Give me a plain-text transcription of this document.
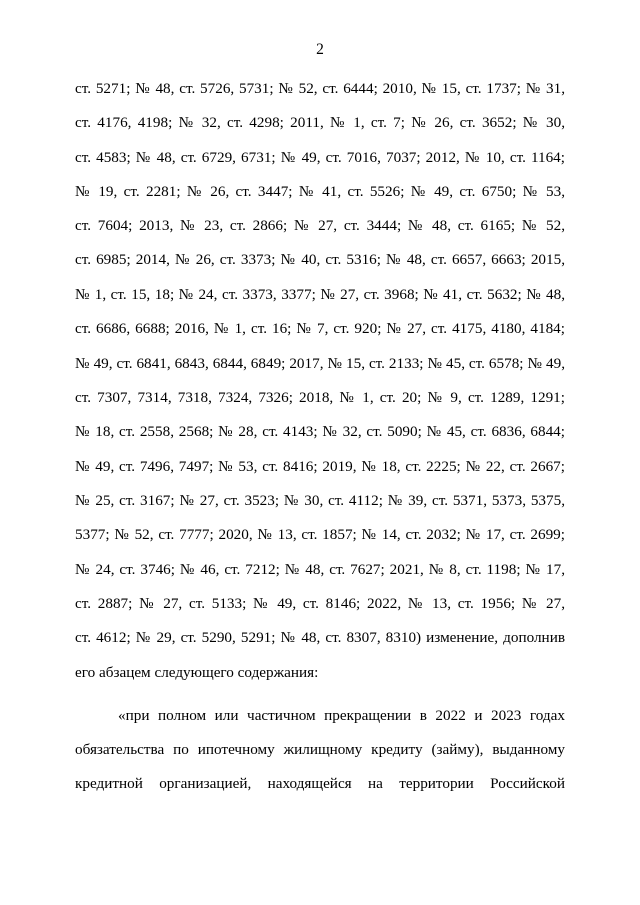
2
ст. 5271; № 48, ст. 5726, 5731; № 52, ст. 6444; 2010, № 15, ст. 1737; № 31,
ст. 4176, 4198; № 32, ст. 4298; 2011, № 1, ст. 7; № 26, ст. 3652; № 30,
ст. 4583; № 48, ст. 6729, 6731; № 49, ст. 7016, 7037; 2012, № 10, ст. 1164;
№ 19, ст. 2281; № 26, ст. 3447; № 41, ст. 5526; № 49, ст. 6750; № 53,
ст. 7604; 2013, № 23, ст. 2866; № 27, ст. 3444; № 48, ст. 6165; № 52,
ст. 6985; 2014, № 26, ст. 3373; № 40, ст. 5316; № 48, ст. 6657, 6663; 2015,
№ 1, ст. 15, 18; № 24, ст. 3373, 3377; № 27, ст. 3968; № 41, ст. 5632; № 48,
ст. 6686, 6688; 2016, № 1, ст. 16; № 7, ст. 920; № 27, ст. 4175, 4180, 4184;
№ 49, ст. 6841, 6843, 6844, 6849; 2017, № 15, ст. 2133; № 45, ст. 6578; № 49,
ст. 7307, 7314, 7318, 7324, 7326; 2018, № 1, ст. 20; № 9, ст. 1289, 1291;
№ 18, ст. 2558, 2568; № 28, ст. 4143; № 32, ст. 5090; № 45, ст. 6836, 6844;
№ 49, ст. 7496, 7497; № 53, ст. 8416; 2019, № 18, ст. 2225; № 22, ст. 2667;
№ 25, ст. 3167; № 27, ст. 3523; № 30, ст. 4112; № 39, ст. 5371, 5373, 5375,
5377; № 52, ст. 7777; 2020, № 13, ст. 1857; № 14, ст. 2032; № 17, ст. 2699;
№ 24, ст. 3746; № 46, ст. 7212; № 48, ст. 7627; 2021, № 8, ст. 1198; № 17,
ст. 2887; № 27, ст. 5133; № 49, ст. 8146; 2022, № 13, ст. 1956; № 27,
ст. 4612; № 29, ст. 5290, 5291; № 48, ст. 8307, 8310) изменение, дополнив
его абзацем следующего содержания:
«при полном или частичном прекращении в 2022 и 2023 годах
обязательства по ипотечному жилищному кредиту (займу), выданному
кредитной организацией, находящейся на территории Российской
